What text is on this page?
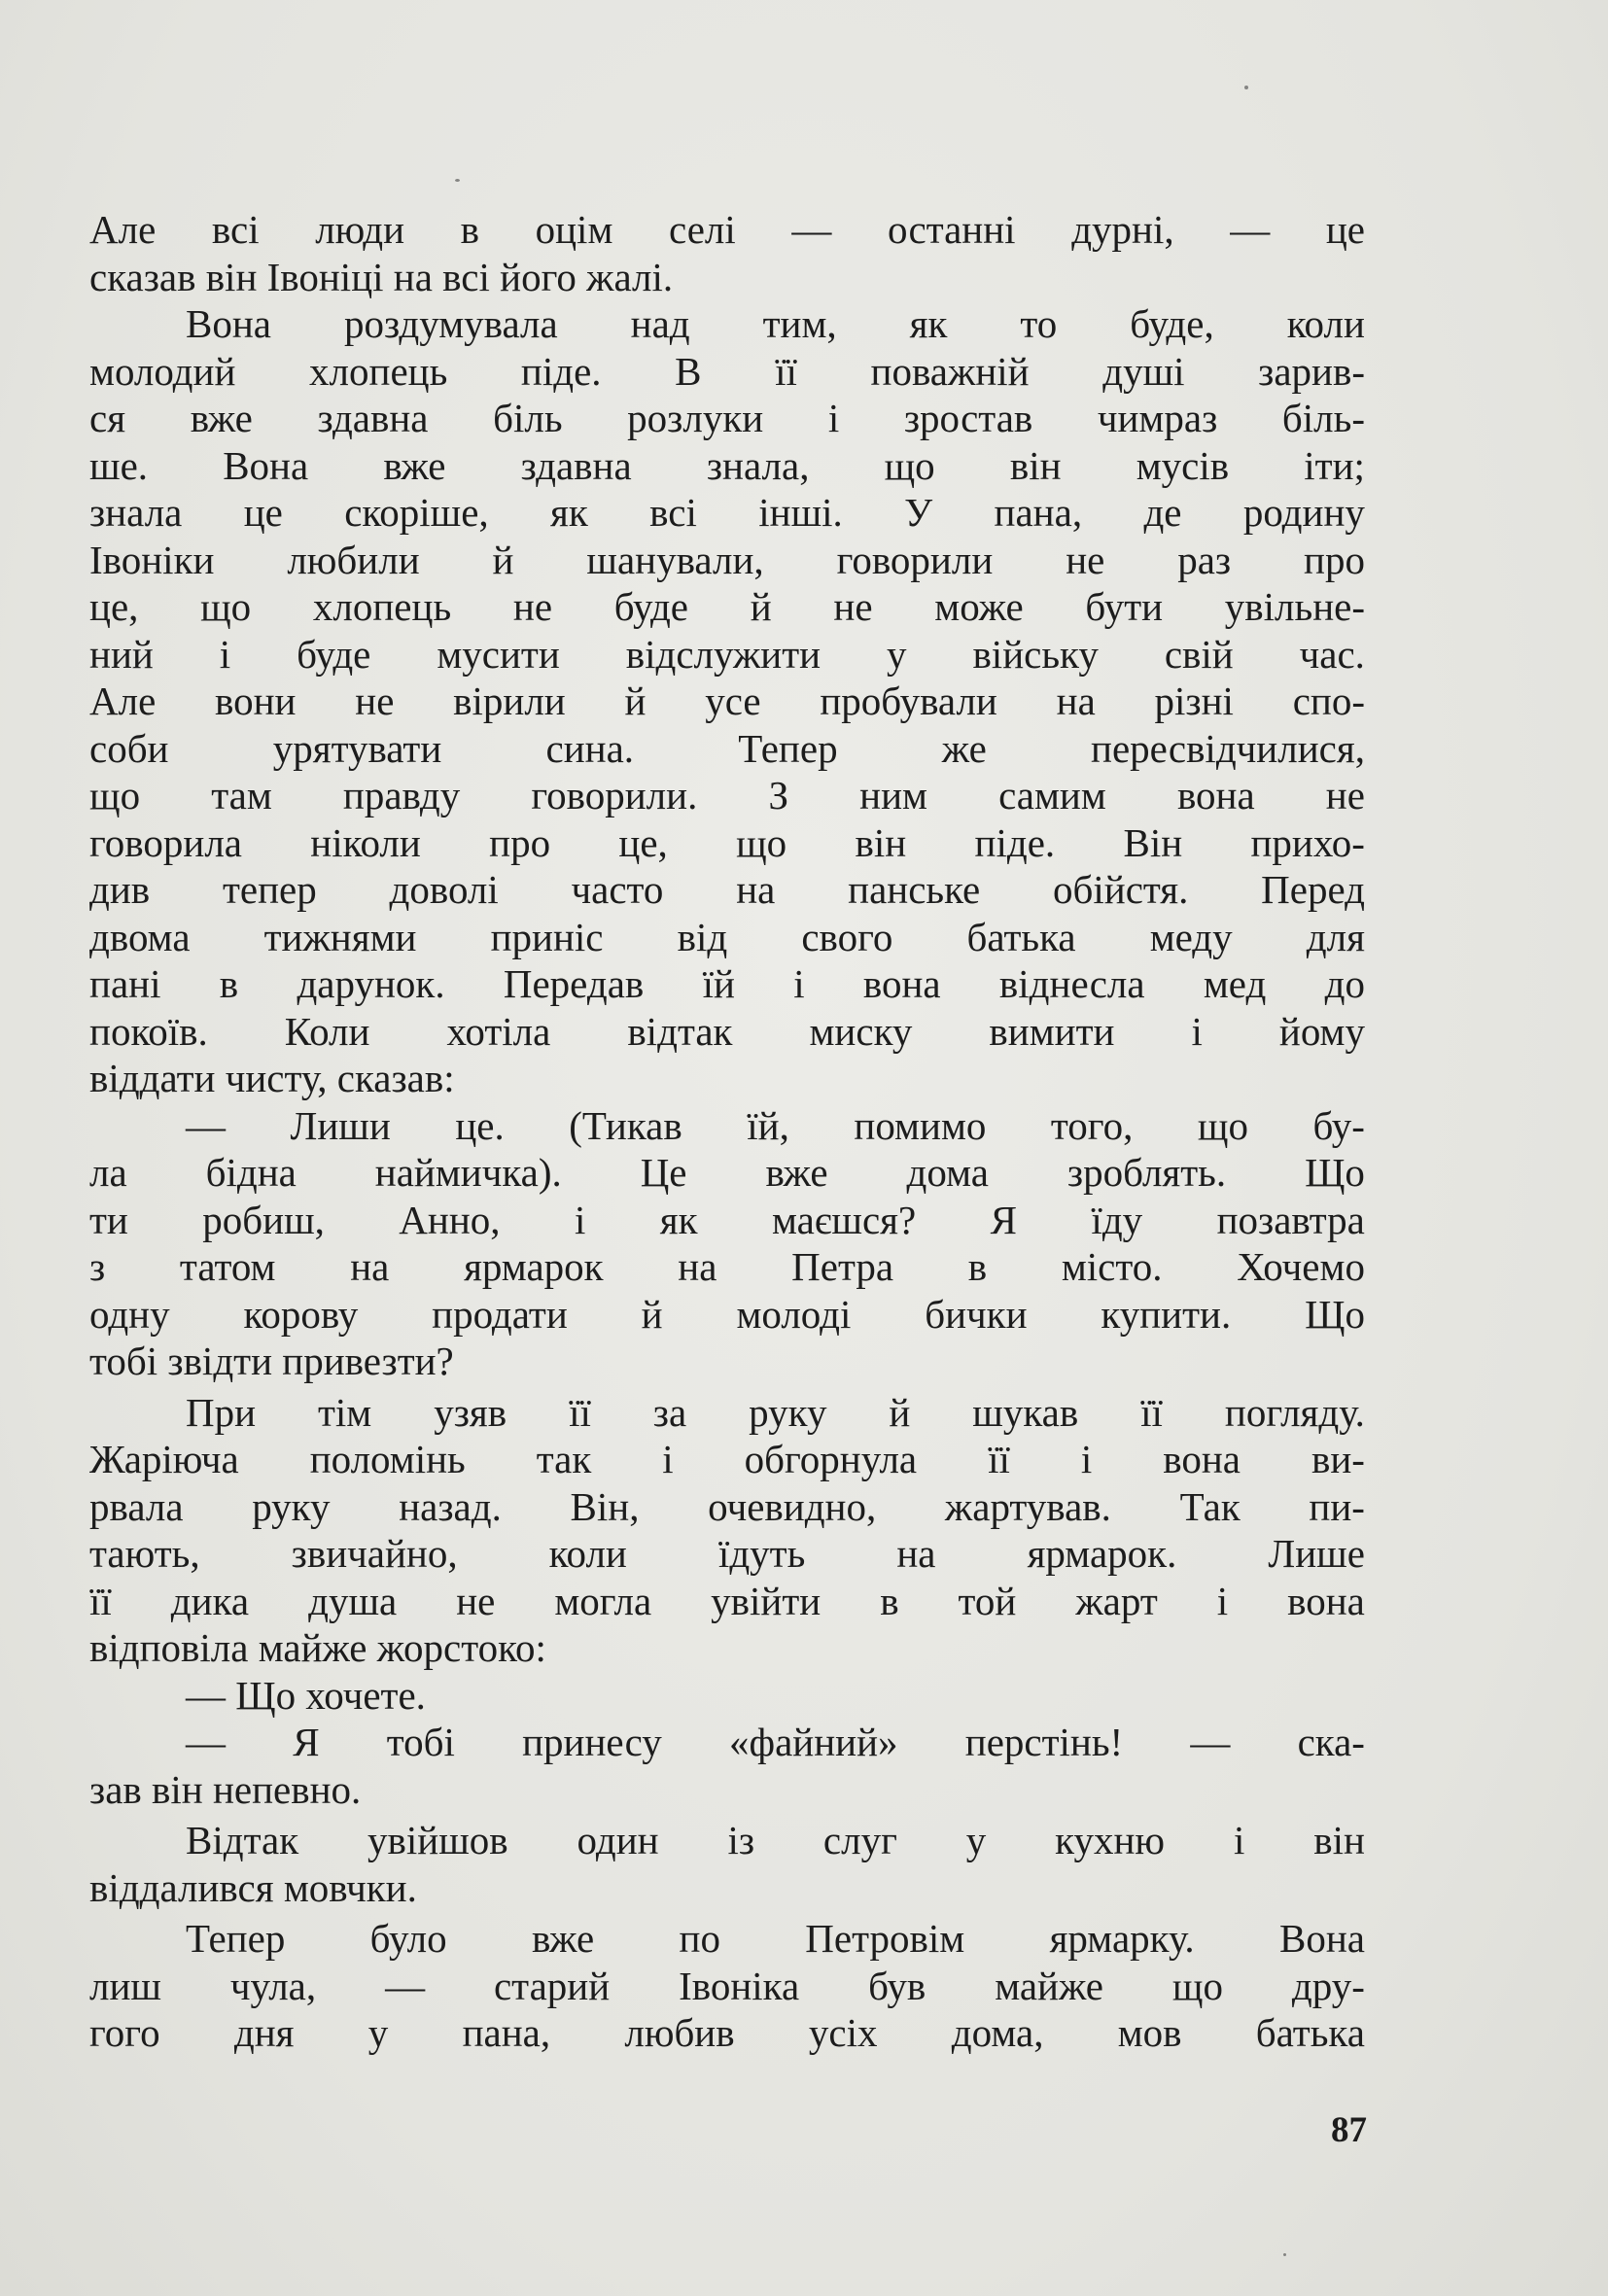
Але всі люди в оцім селі — останні дурні, — це
сказав він Івоніці на всі його жалі.
Вона роздумувала над тим, як то буде, коли
молодий хлопець піде. В її поважній душі зарив-
ся вже здавна біль розлуки і зростав чимраз біль-
ше. Вона вже здавна знала, що він мусів іти;
знала це скоріше, як всі інші. У пана, де родину
Івоніки любили й шанували, говорили не раз про
це, що хлопець не буде й не може бути увільне-
ний і буде мусити відслужити у війську свій час.
Але вони не вірили й усе пробували на різні спо-
соби	урятувати	сина.	Тепер	же	пересвідчилися,
що там правду говорили. З ним самим вона не
говорила ніколи про це, що він піде. Він прихо-
див тепер доволі часто на панське обійстя. Перед
двома тижнями приніс від свого батька меду для
пані в дарунок. Передав їй і вона віднесла мед до
покоїв. Коли хотіла відтак миску вимити і йому
віддати чисту, сказав:
— Лиши це. (Тикав їй, помимо того, що бу-
ла бідна наймичка). Це вже дома зроблять. Що
ти робиш, Анно, і як маєшся? Я їду позавтра
з татом на ярмарок на Петра в місто. Хочемо
одну корову продати й молоді бички купити. Що
тобі звідти привезти?
При тім узяв її за руку й шукав її погляду.
Жаріюча поломінь так і обгорнула її і вона ви-
рвала руку назад. Він, очевидно, жартував. Так пи-
тають, звичайно, коли їдуть на ярмарок. Лише
її дика душа не могла увійти в той жарт і вона
відповіла майже жорстоко:
— Що хочете.
— Я тобі принесу «файний» перстінь! — ска-
зав він непевно.
Відтак увійшов один із слуг у кухню і він
віддалився мовчки.
Тепер було вже по Петровім ярмарку. Вона
лиш чула, — старий Івоніка був майже що дру-
гого дня у пана, любив усіх дома, мов батька
87
